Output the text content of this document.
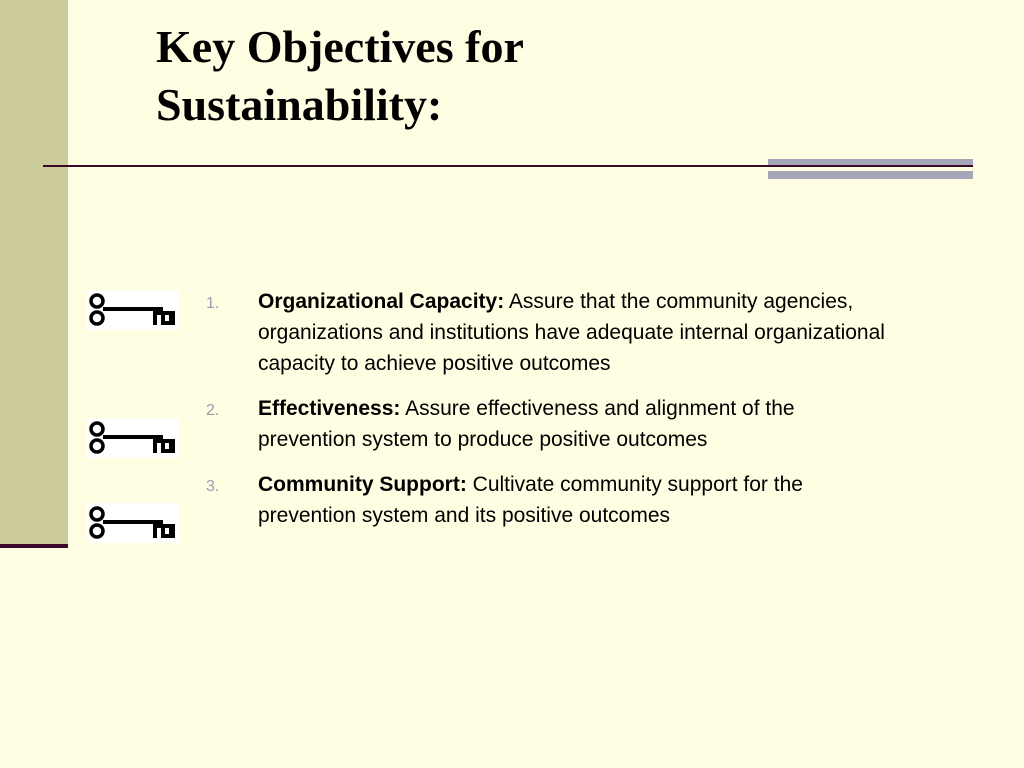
Key Objectives for Sustainability:
1.	Organizational Capacity: Assure that the community agencies, organizations and institutions have adequate internal organizational capacity to achieve positive outcomes
2.	Effectiveness: Assure effectiveness and alignment of the prevention system to produce positive outcomes
3.	Community Support: Cultivate community support for the prevention system and its positive outcomes
